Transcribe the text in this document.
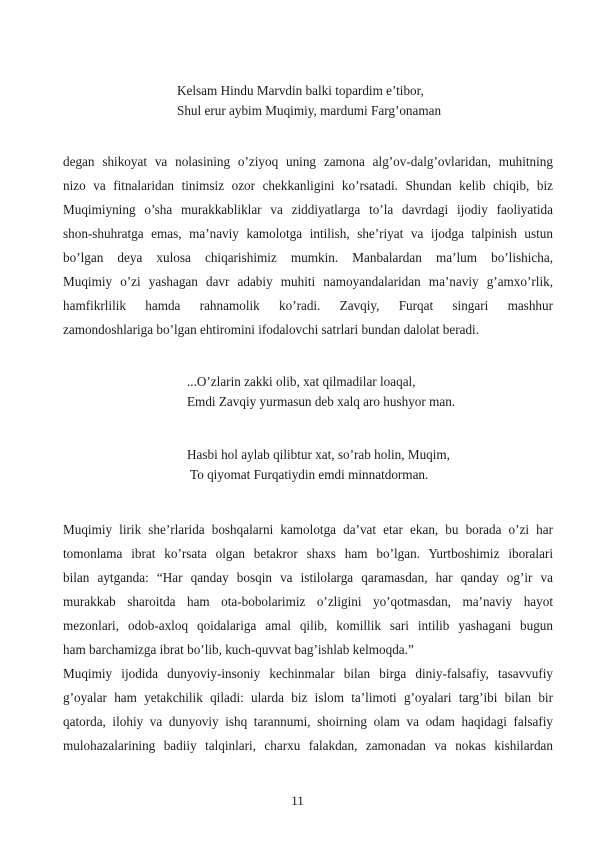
Kelsam Hindu Marvdin balki topardim e’tibor,
Shul erur aybim Muqimiy, mardumi Farg’onaman
degan shikoyat va nolasining o’ziyoq uning zamona alg’ov-dalg’ovlaridan, muhitning
nizo va fitnalaridan tinimsiz ozor chekkanligini ko’rsatadi. Shundan kelib chiqib, biz
Muqimiyning o’sha murakkabliklar va ziddiyatlarga to’la davrdagi ijodiy faoliyatida
shon-shuhratga emas, ma’naviy kamolotga intilish, she’riyat va ijodga talpinish ustun
bo’lgan deya xulosa chiqarishimiz mumkin. Manbalardan ma’lum bo’lishicha,
Muqimiy o’zi yashagan davr adabiy muhiti namoyandalaridan ma’naviy g’amxo’rlik,
hamfikrlilik hamda rahnamolik ko’radi. Zavqiy, Furqat singari mashhur
zamondoshlariga bo’lgan ehtiromini ifodalovchi satrlari bundan dalolat beradi.
...O’zlarin zakki olib, xat qilmadilar loaqal,
Emdi Zavqiy yurmasun deb xalq aro hushyor man.
Hasbi hol aylab qilibtur xat, so’rab holin, Muqim,
To qiyomat Furqatiydin emdi minnatdorman.
Muqimiy lirik she’rlarida boshqalarni kamolotga da’vat etar ekan, bu borada o’zi har
tomonlama ibrat ko’rsata olgan betakror shaxs ham bo’lgan. Yurtboshimiz iboralari
bilan aytganda: “Har qanday bosqin va istilolarga qaramasdan, har qanday og’ir va
murakkab sharoitda ham ota-bobolarimiz o’zligini yo’qotmasdan, ma’naviy hayot
mezonlari, odob-axloq qoidalariga amal qilib, komillik sari intilib yashagani bugun
ham barchamizga ibrat bo’lib, kuch-quvvat bag’ishlab kelmoqda.”
Muqimiy ijodida dunyoviy-insoniy kechinmalar bilan birga diniy-falsafiy, tasavvufiy
g’oyalar ham yetakchilik qiladi: ularda biz islom ta’limoti g’oyalari targ’ibi bilan bir
qatorda, ilohiy va dunyoviy ishq tarannumi, shoirning olam va odam haqidagi falsafiy
mulohazalarining badiiy talqinlari, charxu falakdan, zamonadan va nokas kishilardan
11
